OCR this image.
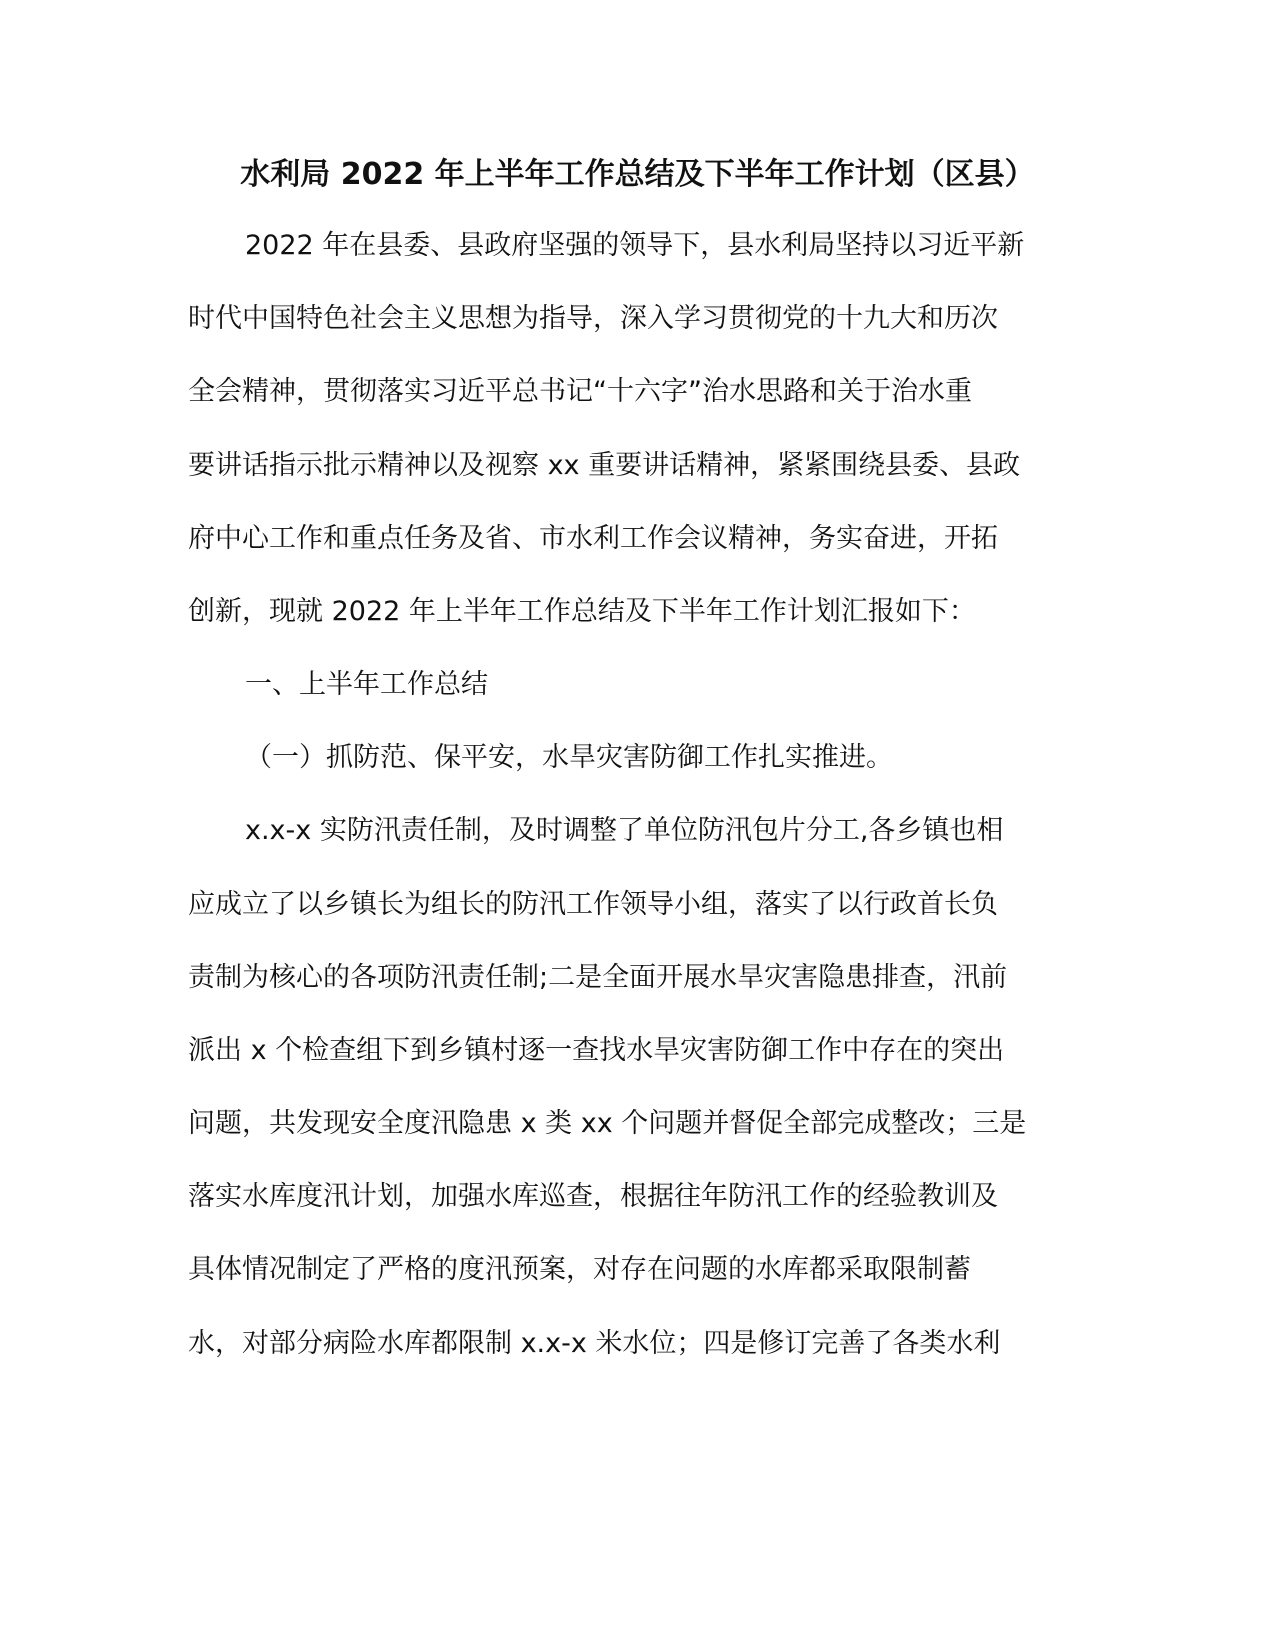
水利局 2022 年上半年工作总结及下半年工作计划（区县）
2022 年在县委、县政府坚强的领导下，县水利局坚持以习近平新
时代中国特色社会主义思想为指导，深入学习贯彻党的十九大和历次
全会精神，贯彻落实习近平总书记“十六字”治水思路和关于治水重
要讲话指示批示精神以及视察 xx 重要讲话精神，紧紧围绕县委、县政
府中心工作和重点任务及省、市水利工作会议精神，务实奋进，开拓
创新，现就 2022 年上半年工作总结及下半年工作计划汇报如下：
一、上半年工作总结
（一）抓防范、保平安，水旱灾害防御工作扎实推进。
x.x-x 实防汛责任制，及时调整了单位防汛包片分工,各乡镇也相
应成立了以乡镇长为组长的防汛工作领导小组，落实了以行政首长负
责制为核心的各项防汛责任制;二是全面开展水旱灾害隐患排查，汛前
派出 x 个检查组下到乡镇村逐一查找水旱灾害防御工作中存在的突出
问题，共发现安全度汛隐患 x 类 xx 个问题并督促全部完成整改；三是
落实水库度汛计划，加强水库巡查，根据往年防汛工作的经验教训及
具体情况制定了严格的度汛预案，对存在问题的水库都采取限制蓄
水，对部分病险水库都限制 x.x-x 米水位；四是修订完善了各类水利
